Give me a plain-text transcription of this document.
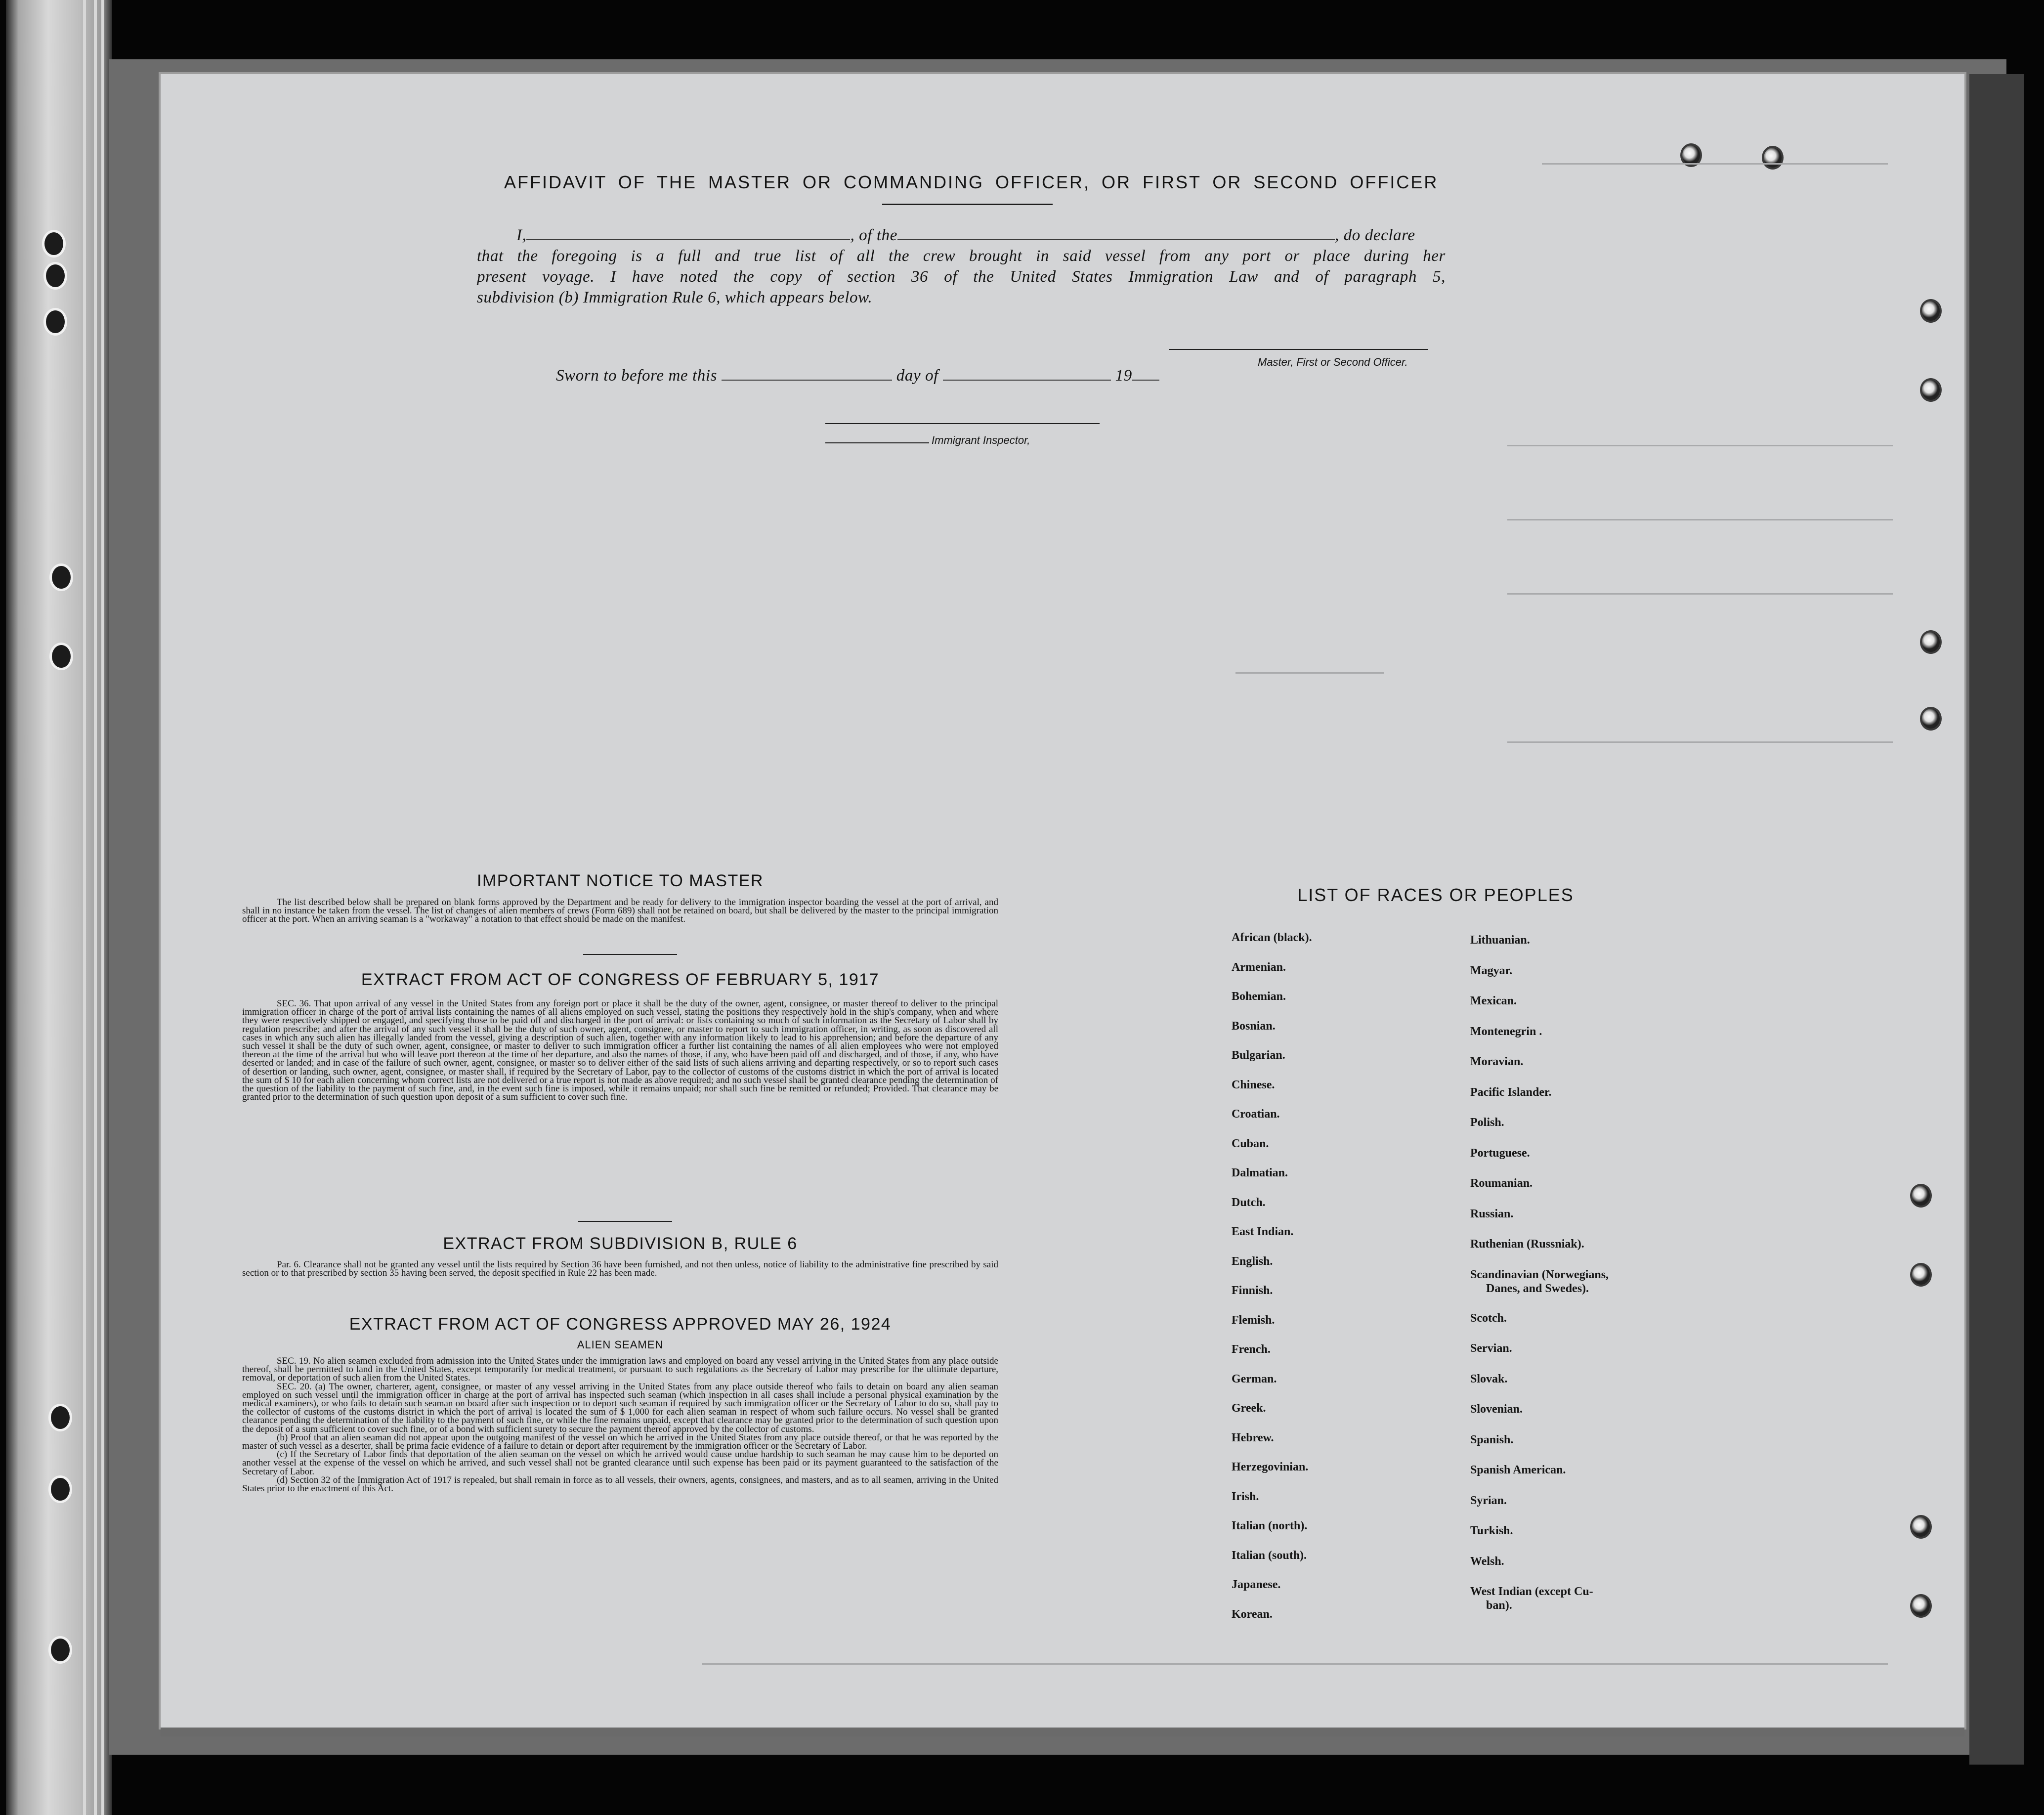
AFFIDAVIT OF THE MASTER OR COMMANDING OFFICER, OR FIRST OR SECOND OFFICER
I,	, of the	, do declare
that the foregoing is a full and true list of all the crew brought in said vessel from any port or place during her
present voyage. I have noted the copy of section 36 of the United States Immigration Law and of paragraph 5,
subdivision (b) Immigration Rule 6, which appears below.
Master, First or Second Officer.
Sworn to before me this	day of	19
Immigrant Inspector,
IMPORTANT NOTICE TO MASTER
The list described below shall be prepared on blank forms approved by the Department and be ready for delivery to the immigration inspector boarding the vessel at the port of arrival, and shall in no instance be taken from the vessel. The list of changes of alien members of crews (Form 689) shall not be retained on board, but shall be delivered by the master to the principal immigration officer at the port. When an arriving seaman is a "workaway" a notation to that effect should be made on the manifest.
EXTRACT FROM ACT OF CONGRESS OF FEBRUARY 5, 1917
SEC. 36. That upon arrival of any vessel in the United States from any foreign port or place it shall be the duty of the owner, agent, consignee, or master thereof to deliver to the principal immigration officer in charge of the port of arrival lists containing the names of all aliens employed on such vessel, stating the positions they respectively hold in the ship's company, when and where they were respectively shipped or engaged, and specifying those to be paid off and discharged in the port of arrival: or lists containing so much of such information as the Secretary of Labor shall by regulation prescribe; and after the arrival of any such vessel it shall be the duty of such owner, agent, consignee, or master to report to such immigration officer, in writing, as soon as discovered all cases in which any such alien has illegally landed from the vessel, giving a description of such alien, together with any information likely to lead to his apprehension; and before the departure of any such vessel it shall be the duty of such owner, agent, consignee, or master to deliver to such immigration officer a further list containing the names of all alien employees who were not employed thereon at the time of the arrival but who will leave port thereon at the time of her departure, and also the names of those, if any, who have been paid off and discharged, and of those, if any, who have deserted or landed; and in case of the failure of such owner, agent, consignee, or master so to deliver either of the said lists of such aliens arriving and departing respectively, or so to report such cases of desertion or landing, such owner, agent, consignee, or master shall, if required by the Secretary of Labor, pay to the collector of customs of the customs district in which the port of arrival is located the sum of $ 10 for each alien concerning whom correct lists are not delivered or a true report is not made as above required; and no such vessel shall be granted clearance pending the determination of the question of the liability to the payment of such fine, and, in the event such fine is imposed, while it remains unpaid; nor shall such fine be remitted or refunded; Provided. That clearance may be granted prior to the determination of such question upon deposit of a sum sufficient to cover such fine.
EXTRACT FROM SUBDIVISION B, RULE 6
Par. 6. Clearance shall not be granted any vessel until the lists required by Section 36 have been furnished, and not then unless, notice of liability to the administrative fine prescribed by said section or to that prescribed by section 35 having been served, the deposit specified in Rule 22 has been made.
EXTRACT FROM ACT OF CONGRESS APPROVED MAY 26, 1924
ALIEN SEAMEN

SEC. 19. No alien seamen excluded from admission into the United States under the immigration laws and employed on board any vessel arriving in the United States from any place outside thereof, shall be permitted to land in the United States, except temporarily for medical treatment, or pursuant to such regulations as the Secretary of Labor may prescribe for the ultimate departure, removal, or deportation of such alien from the United States.

SEC. 20. (a) The owner, charterer, agent, consignee, or master of any vessel arriving in the United States from any place outside thereof who fails to detain on board any alien seaman employed on such vessel until the immigration officer in charge at the port of arrival has inspected such seaman (which inspection in all cases shall include a personal physical examination by the medical examiners), or who fails to detain such seaman on board after such inspection or to deport such seaman if required by such immigration officer or the Secretary of Labor to do so, shall pay to the collector of customs of the customs district in which the port of arrival is located the sum of $ 1,000 for each alien seaman in respect of whom such failure occurs. No vessel shall be granted clearance pending the determination of the liability to the payment of such fine, or while the fine remains unpaid, except that clearance may be granted prior to the determination of such question upon the deposit of a sum sufficient to cover such fine, or of a bond with sufficient surety to secure the payment thereof approved by the collector of customs.

(b) Proof that an alien seaman did not appear upon the outgoing manifest of the vessel on which he arrived in the United States from any place outside thereof, or that he was reported by the master of such vessel as a deserter, shall be prima facie evidence of a failure to detain or deport after requirement by the immigration officer or the Secretary of Labor.

(c) If the Secretary of Labor finds that deportation of the alien seaman on the vessel on which he arrived would cause undue hardship to such seaman he may cause him to be deported on another vessel at the expense of the vessel on which he arrived, and such vessel shall not be granted clearance until such expense has been paid or its payment guaranteed to the satisfaction of the Secretary of Labor.

(d) Section 32 of the Immigration Act of 1917 is repealed, but shall remain in force as to all vessels, their owners, agents, consignees, and masters, and as to all seamen, arriving in the United States prior to the enactment of this Act.

LIST OF RACES OR PEOPLES
African (black).
Armenian.
Bohemian.
Bosnian.
Bulgarian.
Chinese.
Croatian.
Cuban.
Dalmatian.
Dutch.
East Indian.
English.
Finnish.
Flemish.
French.
German.
Greek.
Hebrew.
Herzegovinian.
Irish.
Italian (north).
Italian (south).
Japanese.
Korean.
Lithuanian.
Magyar.
Mexican.
Montenegrin .
Moravian.
Pacific Islander.
Polish.
Portuguese.
Roumanian.
Russian.
Ruthenian (Russniak).
Scandinavian (Norwegians,
Danes, and Swedes).
Scotch.
Servian.
Slovak.
Slovenian.
Spanish.
Spanish American.
Syrian.
Turkish.
Welsh.
West Indian (except Cu-
ban).
